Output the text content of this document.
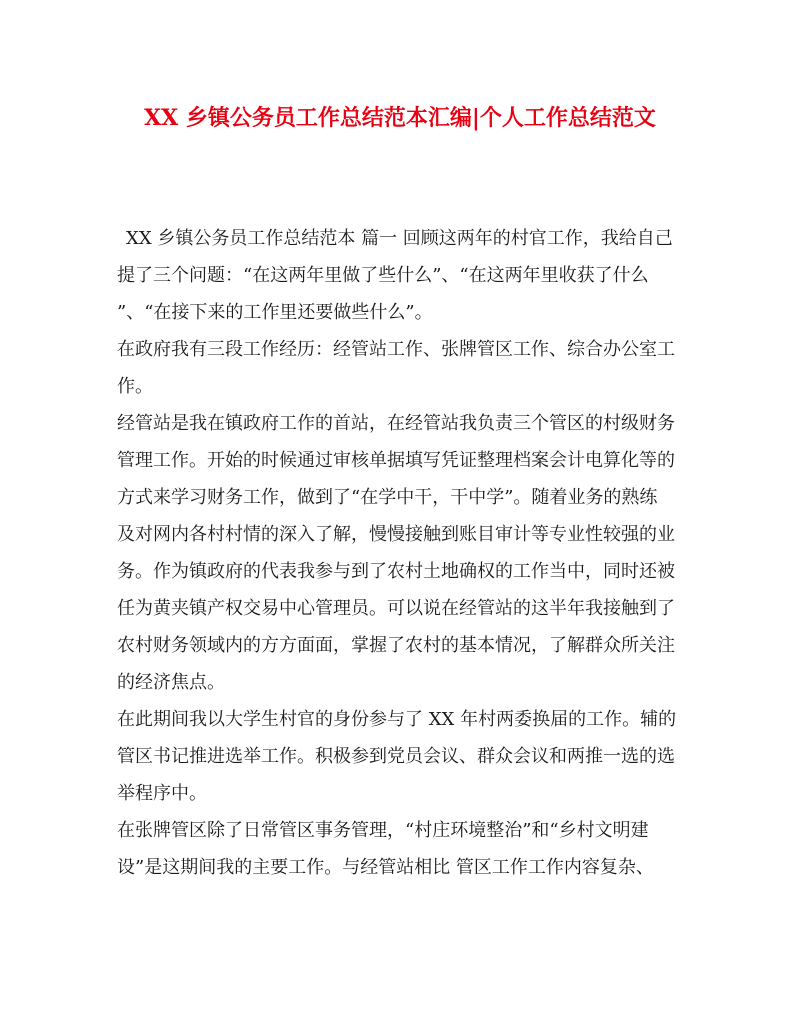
XX 乡镇公务员工作总结范本汇编|个人工作总结范文
XX 乡镇公务员工作总结范本 篇一 回顾这两年的村官工作，我给自己
提了三个问题：“在这两年里做了些什么”、“在这两年里收获了什么
”、“在接下来的工作里还要做些什么”。
在政府我有三段工作经历：经管站工作、张牌管区工作、综合办公室工
作。
经管站是我在镇政府工作的首站，在经管站我负责三个管区的村级财务
管理工作。开始的时候通过审核单据填写凭证整理档案会计电算化等的
方式来学习财务工作，做到了“在学中干，干中学”。随着业务的熟练
及对网内各村村情的深入了解，慢慢接触到账目审计等专业性较强的业
务。作为镇政府的代表我参与到了农村土地确权的工作当中，同时还被
任为黄夹镇产权交易中心管理员。可以说在经管站的这半年我接触到了
农村财务领域内的方方面面，掌握了农村的基本情况，了解群众所关注
的经济焦点。
在此期间我以大学生村官的身份参与了 XX 年村两委换届的工作。辅的
管区书记推进选举工作。积极参到党员会议、群众会议和两推一选的选
举程序中。
在张牌管区除了日常管区事务管理，“村庄环境整治”和“乡村文明建
设”是这期间我的主要工作。与经管站相比 管区工作工作内容复杂、
